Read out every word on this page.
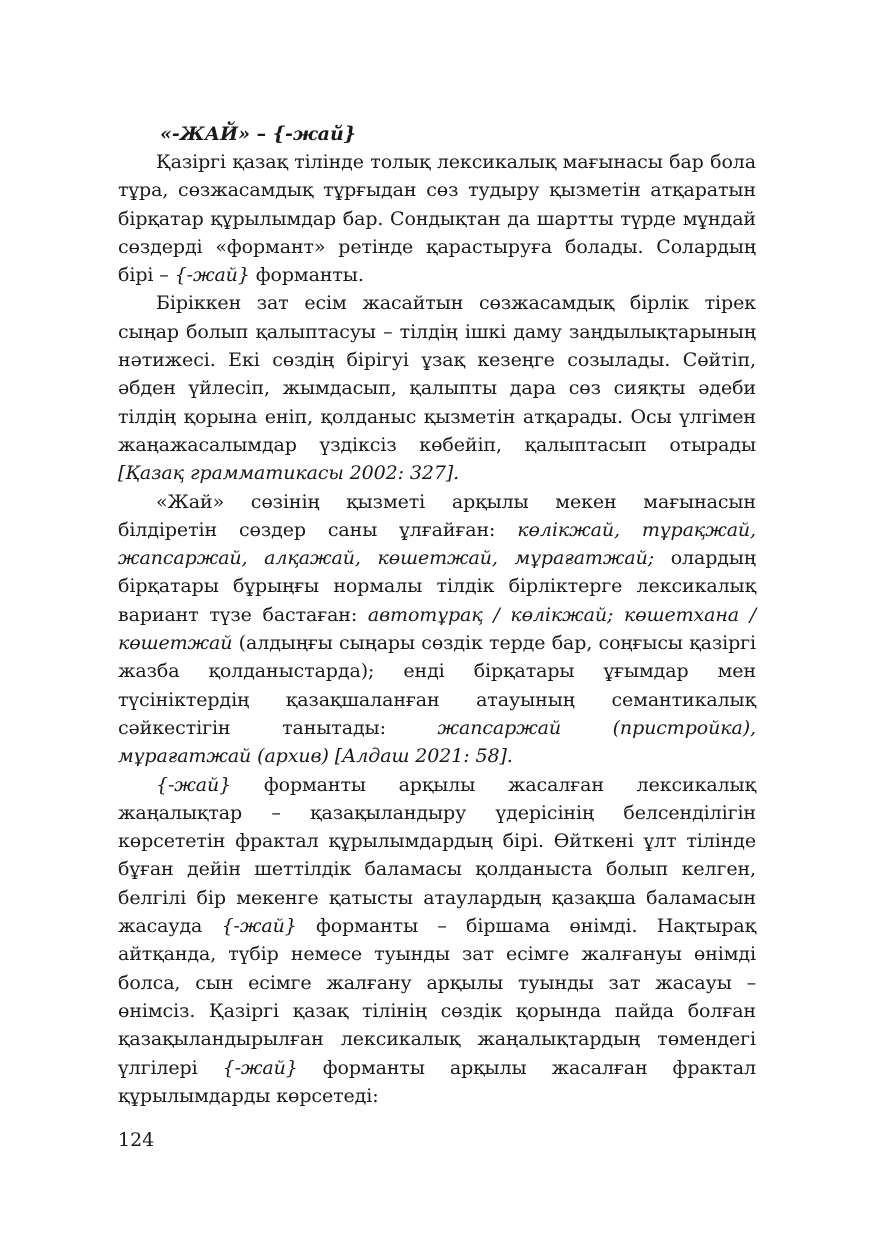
«-ЖАЙ» – {-жай}

Қазіргі қазақ тілінде толық лексикалық мағынасы бар бола тұра, сөзжасамдық тұрғыдан сөз тудыру қызметін атқаратын бірқатар құрылымдар бар. Сондықтан да шартты түрде мұндай сөздерді «формант» ретінде қарастыруға болады. Солардың бірі – {-жай} форманты.

Біріккен зат есім жасайтын сөзжасамдық бірлік тірек сыңар болып қалыптасуы – тілдің ішкі даму заңдылықтарының нәтижесі. Екі сөздің бірігуі ұзақ кезеңге созылады. Сөйтіп, әбден үйлесіп, жымдасып, қалыпты дара сөз сияқты әдеби тілдің қорына еніп, қолданыс қызметін атқарады. Осы үлгімен жаңажасалымдар үздіксіз көбейіп, қалыптасып отырады [Қазақ грамматикасы 2002: 327].

«Жай» сөзінің қызметі арқылы мекен мағынасын білдіретін сөздер саны ұлғайған: көлікжай, тұрақжай, жапсаржай, алқажай, көшетжай, мұрағатжай; олардың бірқатары бұрыңғы нормалы тілдік бірліктерге лексикалық вариант түзе бастаған: автотұрақ / көлікжай; көшетхана / көшетжай (алдыңғы сыңары сөздік терде бар, соңғысы қазіргі жазба қолданыстарда); енді бірқатары ұғымдар мен түсініктердің қазақшаланған атауының семантикалық сәйкестігін танытады: жапсаржай (пристройка), мұрағатжай (архив) [Алдаш 2021: 58].

{-жай} форманты арқылы жасалған лексикалық жаңалықтар – қазақыландыру үдерісінің белсенділігін көрсететін фрактал құрылымдардың бірі. Өйткені ұлт тілінде бұған дейін шеттілдік баламасы қолданыста болып келген, белгілі бір мекенге қатысты атаулардың қазақша баламасын жасауда {-жай} форманты – біршама өнімді. Нақтырақ айтқанда, түбір немесе туынды зат есімге жалғануы өнімді болса, сын есімге жалғану арқылы туынды зат жасауы – өнімсіз. Қазіргі қазақ тілінің сөздік қорында пайда болған қазақыландырылған лексикалық жаңалықтардың төмендегі үлгілері {-жай} форманты арқылы жасалған фрактал құрылымдарды көрсетеді:

124
